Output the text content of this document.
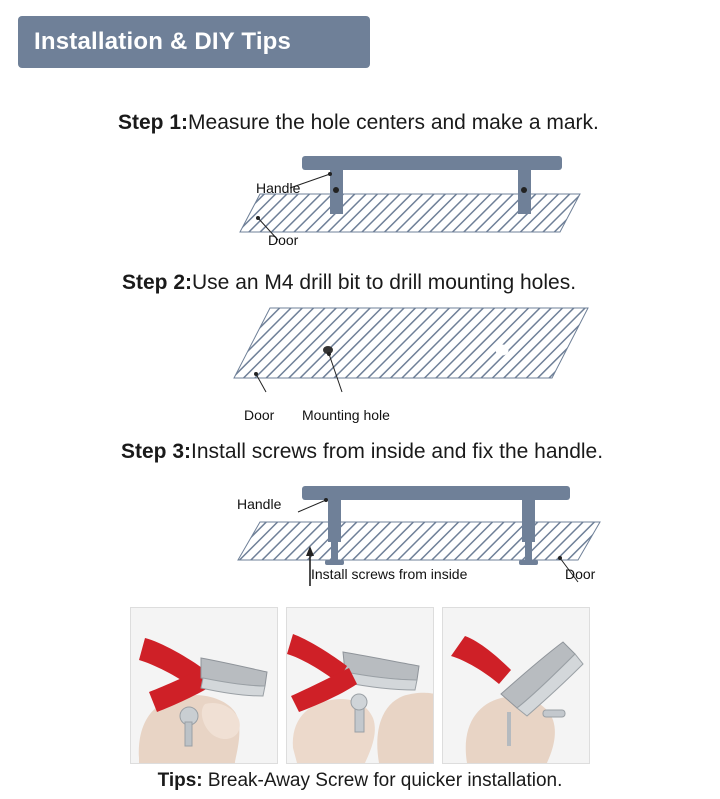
Installation & DIY Tips
Step 1:Measure the hole centers and make a mark.
Handle
Door
Step 2:Use an M4 drill bit to drill mounting holes.
Door Mounting hole
Step 3:Install screws from inside and fix the handle.
Handle
Install screws from inside	Door
Tips: Break-Away Screw for quicker installation.
